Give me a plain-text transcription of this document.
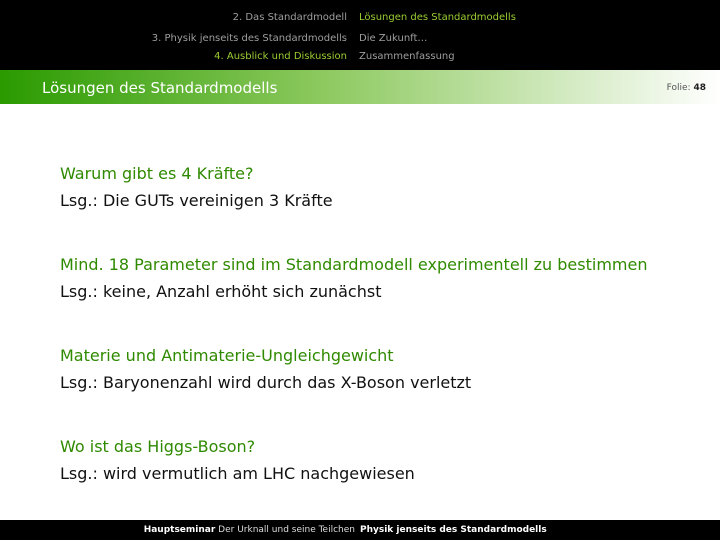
2. Das Standardmodell
3. Physik jenseits des Standardmodells
4. Ausblick und Diskussion
Lösungen des Standardmodells
Die Zukunft…
Zusammenfassung
Lösungen des Standardmodells	Folie: 48
Warum gibt es 4 Kräfte?
Lsg.: Die GUTs vereinigen 3 Kräfte
Mind. 18 Parameter sind im Standardmodell experimentell zu bestimmen
Lsg.: keine, Anzahl erhöht sich zunächst
Materie und Antimaterie-Ungleichgewicht
Lsg.: Baryonenzahl wird durch das X-Boson verletzt
Wo ist das Higgs-Boson?
Lsg.: wird vermutlich am LHC nachgewiesen
Hauptseminar Der Urknall und seine Teilchen Physik jenseits des Standardmodells
